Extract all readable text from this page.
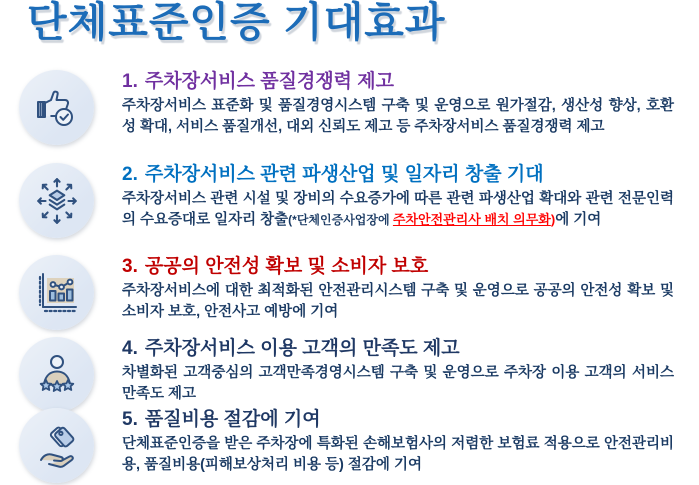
단체표준인증 기대효과
1. 주차장서비스 품질경쟁력 제고
주차장서비스 표준화 및 품질경영시스템 구축 및 운영으로 원가절감, 생산성 향상, 호환성 확대, 서비스 품질개선, 대외 신뢰도 제고 등 주차장서비스 품질경쟁력 제고
2. 주차장서비스 관련 파생산업 및 일자리 창출 기대
주차장서비스 관련 시설 및 장비의 수요증가에 따른 관련 파생산업 확대와 관련 전문인력의 수요증대로 일자리 창출(*단체인증사업장에 주차안전관리사 배치 의무화)에 기여
3. 공공의 안전성 확보 및 소비자 보호
주차장서비스에 대한 최적화된 안전관리시스템 구축 및 운영으로 공공의 안전성 확보 및 소비자 보호, 안전사고 예방에 기여
4. 주차장서비스 이용 고객의 만족도 제고
차별화된 고객중심의 고객만족경영시스템 구축 및 운영으로 주차장 이용 고객의 서비스 만족도 제고
5. 품질비용 절감에 기여
단체표준인증을 받은 주차장에 특화된 손해보험사의 저렴한 보험료 적용으로 안전관리비용, 품질비용(피해보상처리 비용 등) 절감에 기여
